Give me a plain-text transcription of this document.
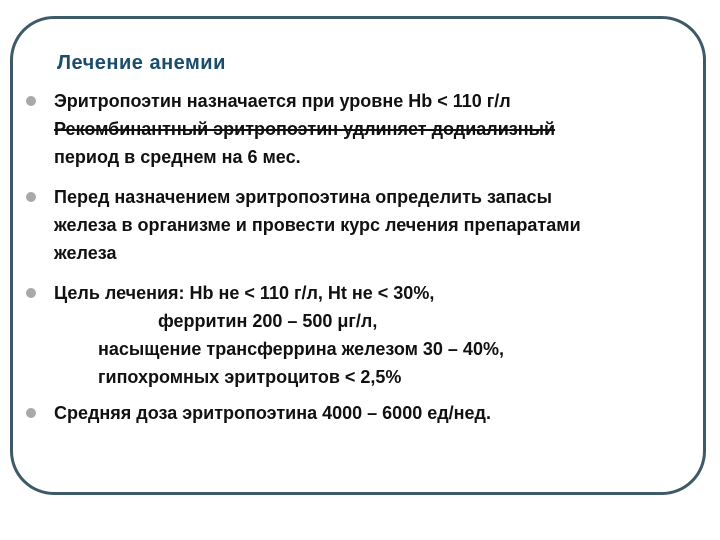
Лечение анемии
Эритропоэтин назначается при уровне Hb < 110 г/л
Рекомбинантный эритропоэтин удлиняет додиализный
период в среднем на 6 мес.
Перед назначением эритропоэтина определить запасы
железа в организме и провести курс лечения препаратами
железа
Цель лечения: Hb не < 110 г/л, Ht не < 30%,
ферритин 200 – 500 μг/л,
насыщение трансферрина железом 30 – 40%,
гипохромных эритроцитов < 2,5%
Средняя доза эритропоэтина 4000 – 6000 ед/нед.
